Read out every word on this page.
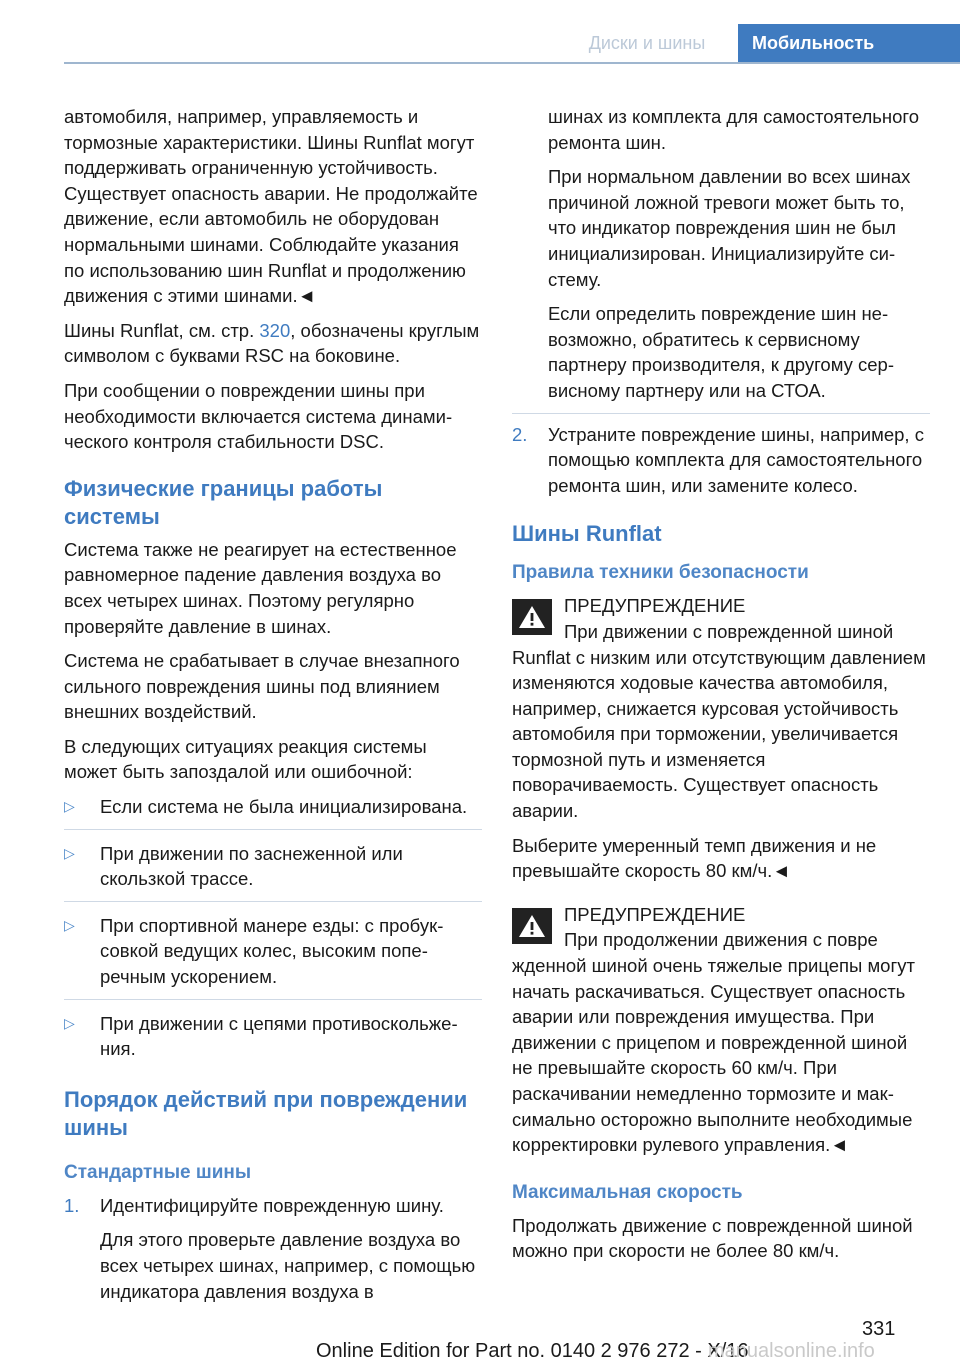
Диски и шины	Мобильность

автомобиля, например, управляемость и тормозные характеристики. Шины Runflat могут поддерживать ограниченную устойчивость. Существует опасность аварии. Не продолжайте движение, если автомобиль не оборудован нормальными шинами. Соблюдайте указания по использованию шин Runflat и продолжению движения с этими шинами.◄

Шины Runflat, см. стр. 320, обозначены круглым символом с буквами RSC на боковине.

При сообщении о повреждении шины при необходимости включается система динамического контроля стабильности DSC.

Физические границы работы системы

Система также не реагирует на естественное равномерное падение давления воздуха во всех четырех шинах. Поэтому регулярно проверяйте давление в шинах.

Система не срабатывает в случае внезапного сильного повреждения шины под влиянием внешних воздействий.

В следующих ситуациях реакция системы может быть запоздалой или ошибочной:

▷ Если система не была инициализирована.
▷ При движении по заснеженной или скользкой трассе.
▷ При спортивной манере езды: с пробуксовкой ведущих колес, высоким поперечным ускорением.
▷ При движении с цепями противоскольжения.
Порядок действий при повреждении шины
Стандартные шины
1. Идентифицируйте поврежденную шину.

Для этого проверьте давление воздуха во всех четырех шинах, например, с помощью индикатора давления воздуха в

шинах из комплекта для самостоятельного ремонта шин.

При нормальном давлении во всех шинах причиной ложной тревоги может быть то, что индикатор повреждения шин не был инициализирован. Инициализируйте систему.

Если определить повреждение шин невозможно, обратитесь к сервисному партнеру производителя, к другому сервисному партнеру или на СТОА.

2. Устраните повреждение шины, например, с помощью комплекта для самостоятельного ремонта шин, или замените колесо.
Шины Runflat
Правила техники безопасности
ПРЕДУПРЕЖДЕНИЕ
При движении с поврежденной шиной

Runflat с низким или отсутствующим давлением изменяются ходовые качества автомобиля, например, снижается курсовая устойчивость автомобиля при торможении, увеличивается тормозной путь и изменяется поворачиваемость. Существует опасность аварии.

Выберите умеренный темп движения и не превышайте скорость 80 км/ч.◄

ПРЕДУПРЕЖДЕНИЕ
При продолжении движения с повре

жденной шиной очень тяжелые прицепы могут начать раскачиваться. Существует опасность аварии или повреждения имущества. При движении с прицепом и поврежденной шиной не превышайте скорость 60 км/ч. При раскачивании немедленно тормозите и максимально осторожно выполните необходимые корректировки рулевого управления.◄

Максимальная скорость

Продолжать движение с поврежденной шиной можно при скорости не более 80 км/ч.

331
Online Edition for Part no. 0140 2 976 272 - X/16
manualsonline.info
